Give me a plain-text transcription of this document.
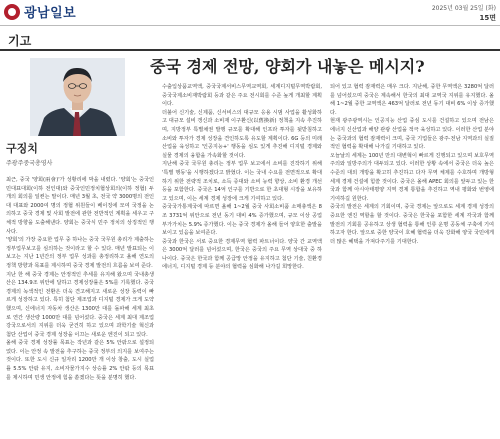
광남일보	2025년 03월 25일 (화)
15면
기고
중국 경제 전망, 양회가 내놓은 메시지?
구징치
주광주중국총영사

최근, 중국 '양회(兩會)'가 성황리에 막을 내렸다. '양회'는 중국인민대표대회(이하 전인대)와 중국인민정치협상회의(이하 정협) 두 개의 회의를 일컫는 말이다. 매년 3월 초, 전국 약 3000명의 전인대 대표와 2000여 명의 정협 위원들이 베이징에 모여 국정을 논의하고 중국 경제 및 사회 발전에 관한 전반적인 계획을 세우고 구체적 방향을 도출해낸다. 양회는 중국식 민주 정치의 상징적인 행사다.

'양회'의 가장 중요한 업무 중 하나는 중국 국무원 총리가 제출하는 정부업무보고를 심의하는 것이라고 할 수 있다. 매년 발표되는 이 보고는 지난 1년간의 정부 업무 성과를 총정리하고 올해 연도의 정책 방향과 목표를 제시하며 중국 경제 발전의 흐름을 보여 준다.

지난 한 해 중국 경제는 안정적인 추세를 유지해 왔으며 국내총생산은 134.9조 위안에 달하고 경제성장률은 5%를 기록했다. 중국 경제의 녹색적인 전환은 더욱 견고해지고 새로운 성장 동력이 빠르게 성장하고 있다. 특히 첨단 제조업과 디지털 경제가 크게 도약했으며, 신에너지 자동차 생산은 1300만 대를 돌파해 세계 최초로 연간 생산량 1000만 대를 넘어섰다. 중국은 세계 최대 제조업 강국으로서의 지위를 더욱 굳건히 하고 있으며 과학기술 혁신과 첨단 산업이 중국 경제 성장을 이끄는 새로운 엔진이 되고 있다.

올해 중국 경제 성장률 목표는 작년과 같은 5% 안팎으로 설정되었다. 이는 안정 속 발전을 추구하는 중국 정부의 의지를 보여주는 것이다. 또한 도시 신규 일자리 1200만 개 이상 창출, 도시 실업률 5.5% 안팎 유지, 소비자물가지수 상승률 2% 안팎 등의 목표를 제시하며 민생 안정에 힘을 쏟겠다는 뜻을 분명히 했다.

수출입상품교역액, 중국국제서비스무역교역회, 세계디지털무역박람회, 중국국제소비재박람회 등과 같은 주요 전시회를 수준 높게 개최할 계획이다.

더불어 신기술, 신제품, 신서비스의 대규모 응용 시범 사업을 활성화하고 대규모 설비 갱신과 소비재 이구환신(以舊換新) 정책을 지속 추진하며, 지방정부 특별채권 발행 규모를 확대해 인프라 투자를 뒷받침하고 소비와 투자가 경제 성장을 견인하도록 유도할 계획이다. 6G 등의 미래 산업을 육성하고 '인공지능+' 행동을 심도 있게 추진해 디지털 경제와 실물 경제의 융합을 가속화할 것이다.

지난해 중국 국무원 총리는 정부 업무 보고에서 소비를 진작하기 위해 '특별 행동'을 시행하겠다고 밝혔다. 이는 국내 수요를 전면적으로 확대하기 위한 전략적 조치로, 소득 증대와 소비 능력 향상, 소비 환경 개선 등을 포함한다. 중국은 14억 인구를 기반으로 한 초대형 시장을 보유하고 있으며, 이는 세계 경제 성장에 크게 기여하고 있다.

중국국가통계국에 따르면 올해 1~2월 중국 사회소비품 소매총액은 8조 3731억 위안으로 전년 동기 대비 4% 증가했으며, 규모 이상 공업 부가가치는 5.9% 증가했다. 이는 중국 경제가 올해 들어 양호한 출발을 보이고 있음을 보여준다.

중국과 한국은 서로 중요한 경제무역 협력 파트너이다. 양국 간 교역액은 3000억 달러를 넘어섰으며, 한국은 중국의 주요 무역 상대국 중 하나이다. 중국은 한국과 함께 공급망 안정을 유지하고 첨단 기술, 친환경 에너지, 디지털 경제 등 분야의 협력을 심화해 나가길 희망한다.

되어 있고 협력 잠재력은 매우 크다. 지난해, 중한 무역액은 3280억 달러를 넘어섰으며 중국은 계속해서 한국의 최대 교역국 지위를 유지했다. 올해 1~2월 중한 교역액은 463억 달러로 전년 동기 대비 6% 이상 증가했다.

현재 광주광역시는 인공지능 산업 중심 도시를 건설하고 있으며 전남은 에너지 신산업과 해양 관광 산업을 적극 육성하고 있다. 이러한 산업 분야는 중국과의 협력 잠재력이 크며, 중국 기업들은 광주·전남 지역과의 실질적인 협력을 확대해 나가길 기대하고 있다.

오늘날의 세계는 100년 만의 대변혁이 빠르게 진행되고 있으며 보호무역주의와 일방주의가 대두되고 있다. 이러한 상황 속에서 중국은 더욱 높은 수준의 대외 개방을 확고히 추진하고 다자 무역 체제를 수호하며 개방형 세계 경제 건설에 힘쓸 것이다. 중국은 올해 APEC 회의를 앞두고 있는 한국과 함께 아시아태평양 지역 경제 통합을 추진하고 역내 평화와 번영에 기여하길 원한다.

중국의 발전은 세계의 기회이며, 중국 경제는 앞으로도 세계 경제 성장의 중요한 엔진 역할을 할 것이다. 중국은 한국을 포함한 세계 각국과 함께 발전의 기회를 공유하고 상생 협력을 통해 인류 운명 공동체 구축에 기여하고자 한다. 앞으로 중한 양국이 호혜 협력을 더욱 강화해 양국 국민에게 더 많은 혜택을 가져다주기를 기대한다.
